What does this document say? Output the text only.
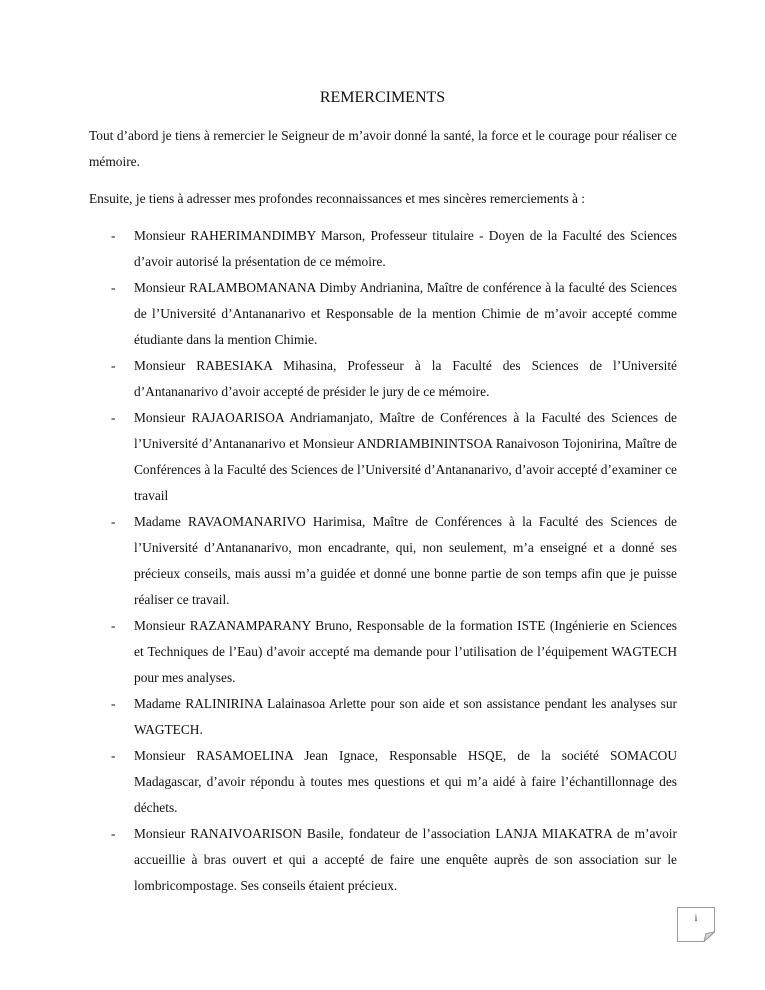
REMERCIMENTS

Tout d’abord je tiens à remercier le Seigneur de m’avoir donné la santé, la force et le courage pour réaliser ce mémoire.

Ensuite, je tiens à adresser mes profondes reconnaissances et mes sincères remerciements à :

- Monsieur RAHERIMANDIMBY Marson, Professeur titulaire - Doyen de la Faculté des Sciences d’avoir autorisé la présentation de ce mémoire.
- Monsieur RALAMBOMANANA Dimby Andrianina, Maître de conférence à la faculté des Sciences de l’Université d’Antananarivo et Responsable de la mention Chimie de m’avoir accepté comme étudiante dans la mention Chimie.
- Monsieur RABESIAKA Mihasina, Professeur à la Faculté des Sciences de l’Université d’Antananarivo d’avoir accepté de présider le jury de ce mémoire.
- Monsieur RAJAOARISOA Andriamanjato, Maître de Conférences à la Faculté des Sciences de l’Université d’Antananarivo et Monsieur ANDRIAMBININTSOA Ranaivoson Tojonirina, Maître de Conférences à la Faculté des Sciences de l’Université d’Antananarivo, d’avoir accepté d’examiner ce travail
- Madame RAVAOMANARIVO Harimisa, Maître de Conférences à la Faculté des Sciences de l’Université d’Antananarivo, mon encadrante, qui, non seulement, m’a enseigné et a donné ses précieux conseils, mais aussi m’a guidée et donné une bonne partie de son temps afin que je puisse réaliser ce travail.
- Monsieur RAZANAMPARANY Bruno, Responsable de la formation ISTE (Ingénierie en Sciences et Techniques de l’Eau) d’avoir accepté ma demande pour l’utilisation de l’équipement WAGTECH pour mes analyses.
- Madame RALINIRINA Lalainasoa Arlette pour son aide et son assistance pendant les analyses sur WAGTECH.
- Monsieur RASAMOELINA Jean Ignace, Responsable HSQE, de la société SOMACOU Madagascar, d’avoir répondu à toutes mes questions et qui m’a aidé à faire l’échantillonnage des déchets.
- Monsieur RANAIVOARISON Basile, fondateur de l’association LANJA MIAKATRA de m’avoir accueillie à bras ouvert et qui a accepté de faire une enquête auprès de son association sur le lombricompostage. Ses conseils étaient précieux.
i
